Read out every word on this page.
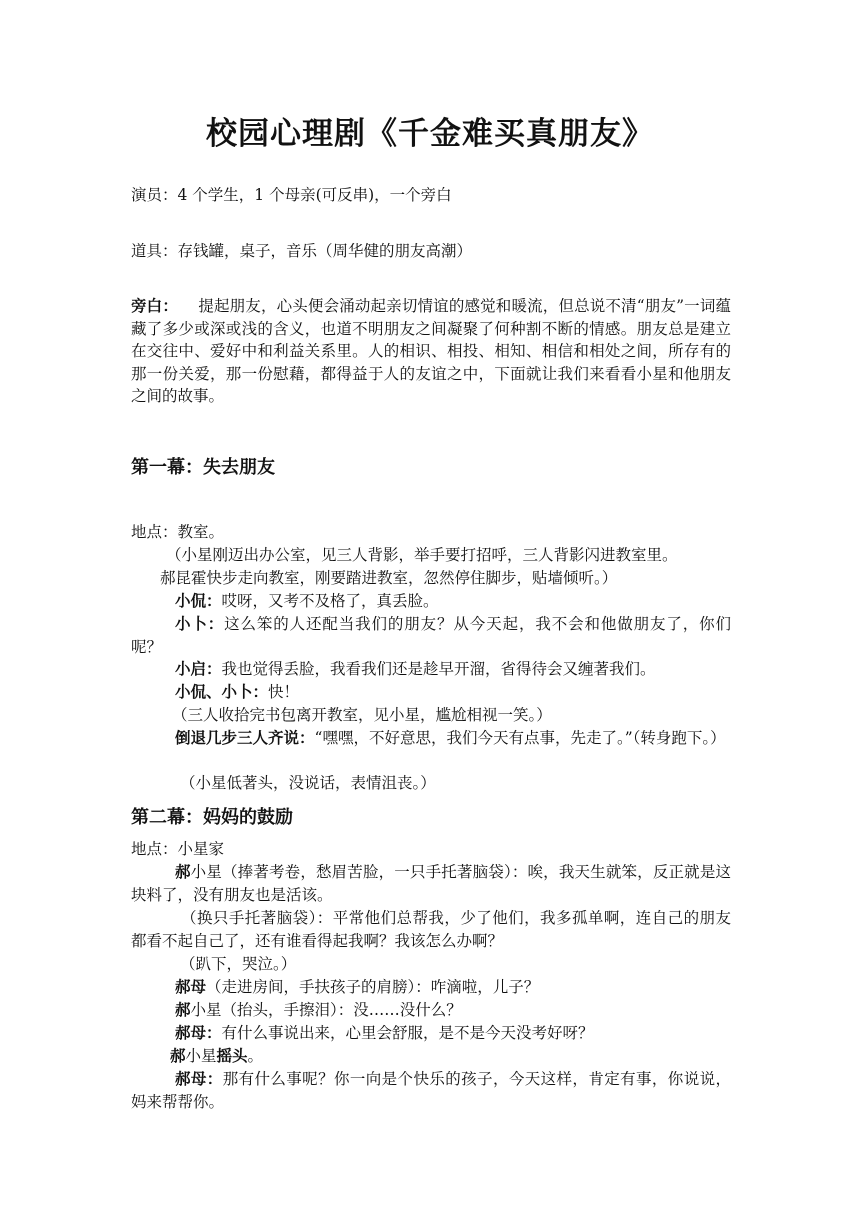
校园心理剧《千金难买真朋友》

演员：4 个学生，1 个母亲(可反串)，一个旁白

道具：存钱罐，桌子，音乐（周华健的朋友高潮）

旁白： 提起朋友，心头便会涌动起亲切情谊的感觉和暖流，但总说不清“朋友”一词蕴藏了多少或深或浅的含义，也道不明朋友之间凝聚了何种割不断的情感。朋友总是建立在交往中、爱好中和利益关系里。人的相识、相投、相知、相信和相处之间，所存有的那一份关爱，那一份慰藉，都得益于人的友谊之中，下面就让我们来看看小星和他朋友之间的故事。

第一幕：失去朋友

地点：教室。

（小星刚迈出办公室，见三人背影，举手要打招呼，三人背影闪进教室里。

郝昆霍快步走向教室，刚要踏进教室，忽然停住脚步，贴墙倾听。）

小侃：哎呀，又考不及格了，真丢脸。

小卜：这么笨的人还配当我们的朋友？从今天起，我不会和他做朋友了，你们呢？

小启：我也觉得丢脸，我看我们还是趁早开溜，省得待会又缠著我们。

小侃、小卜：快！

（三人收拾完书包离开教室，见小星，尴尬相视一笑。）

倒退几步三人齐说：“嘿嘿，不好意思，我们今天有点事，先走了。”（转身跑下。）

（小星低著头，没说话，表情沮丧。）

第二幕：妈妈的鼓励

地点：小星家

郝小星（捧著考卷，愁眉苦脸，一只手托著脑袋）：唉，我天生就笨，反正就是这块料了，没有朋友也是活该。

（换只手托著脑袋）：平常他们总帮我，少了他们，我多孤单啊，连自己的朋友都看不起自己了，还有谁看得起我啊？我该怎么办啊？

（趴下，哭泣。）

郝母（走进房间，手扶孩子的肩膀）：咋滴啦，儿子？

郝小星（抬头，手擦泪）：没……没什么？

郝母：有什么事说出来，心里会舒服，是不是今天没考好呀？

郝小星摇头。

郝母：那有什么事呢？你一向是个快乐的孩子，今天这样，肯定有事，你说说，妈来帮帮你。
